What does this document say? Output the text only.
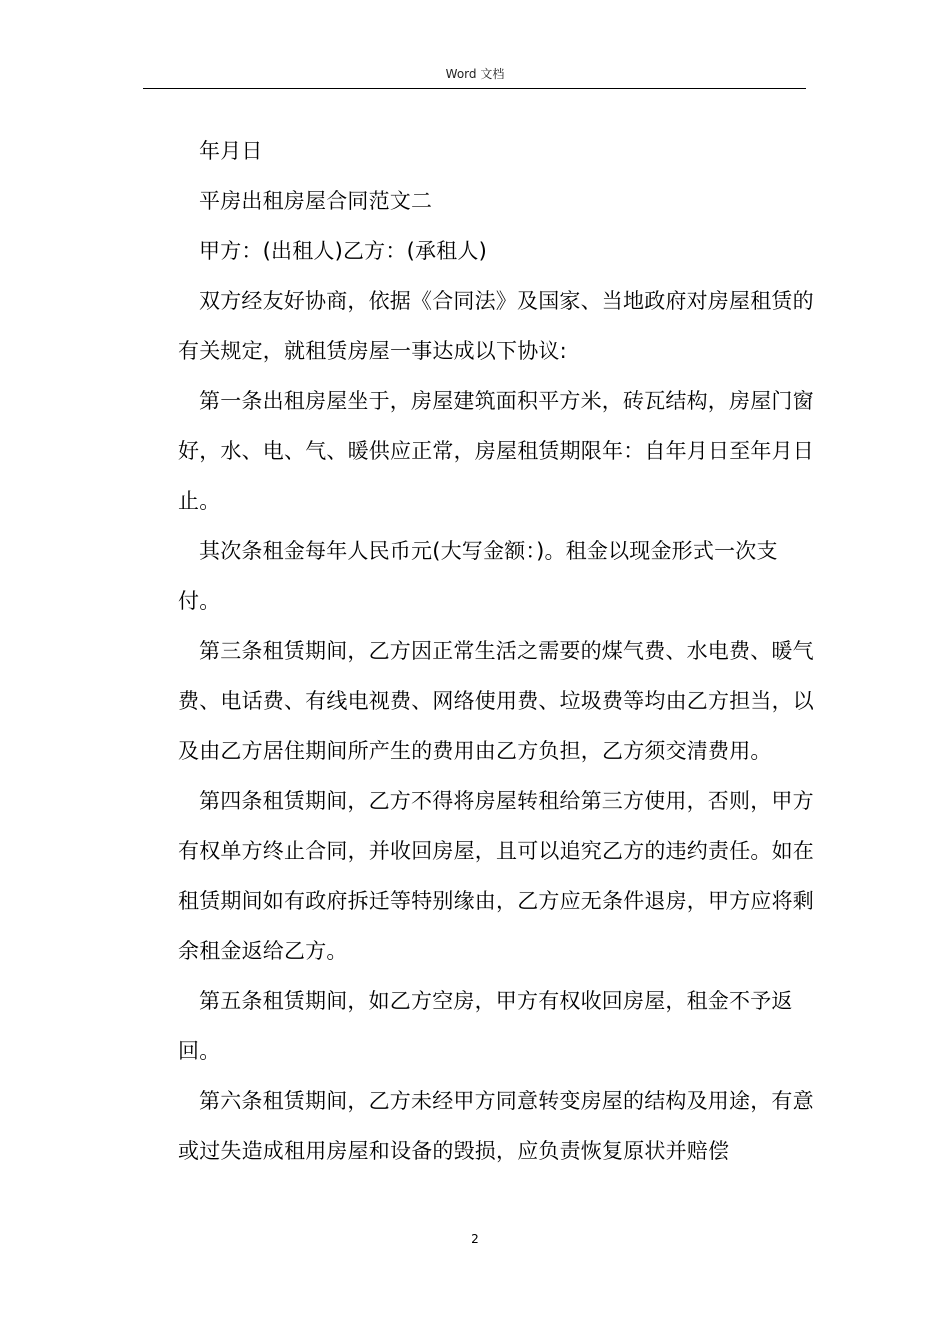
Word 文档

年月日

平房出租房屋合同范文二

甲方：(出租人)乙方：(承租人)

双方经友好协商，依据《合同法》及国家、当地政府对房屋租赁的有关规定，就租赁房屋一事达成以下协议:

第一条出租房屋坐于，房屋建筑面积平方米，砖瓦结构，房屋门窗好，水、电、气、暖供应正常，房屋租赁期限年：自年月日至年月日止。

其次条租金每年人民币元(大写金额：)。租金以现金形式一次支付。

第三条租赁期间，乙方因正常生活之需要的煤气费、水电费、暖气费、电话费、有线电视费、网络使用费、垃圾费等均由乙方担当，以及由乙方居住期间所产生的费用由乙方负担，乙方须交清费用。

第四条租赁期间，乙方不得将房屋转租给第三方使用，否则，甲方有权单方终止合同，并收回房屋，且可以追究乙方的违约责任。如在租赁期间如有政府拆迁等特别缘由，乙方应无条件退房，甲方应将剩余租金返给乙方。

第五条租赁期间，如乙方空房，甲方有权收回房屋，租金不予返回。

第六条租赁期间，乙方未经甲方同意转变房屋的结构及用途，有意或过失造成租用房屋和设备的毁损，应负责恢复原状并赔偿

2
